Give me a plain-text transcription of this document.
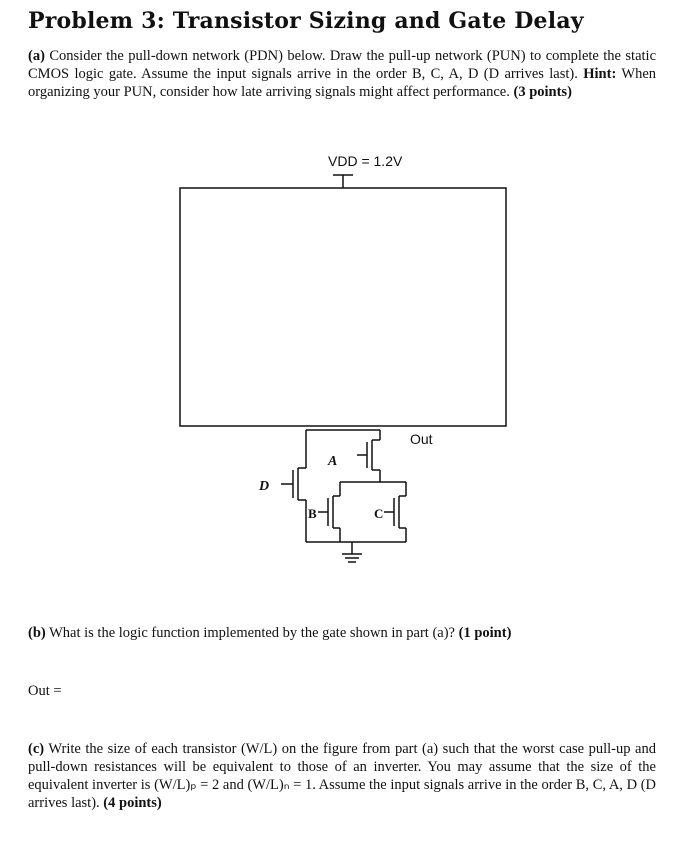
Problem 3: Transistor Sizing and Gate Delay
(a) Consider the pull-down network (PDN) below. Draw the pull-up network (PUN) to complete the static CMOS logic gate. Assume the input signals arrive in the order B, C, A, D (D arrives last). Hint: When organizing your PUN, consider how late arriving signals might affect performance. (3 points)
VDD = 1.2V
Out
A
D
B	C
(b) What is the logic function implemented by the gate shown in part (a)? (1 point)
Out =
(c) Write the size of each transistor (W/L) on the figure from part (a) such that the worst case pull-up and pull-down resistances will be equivalent to those of an inverter. You may assume that the size of the equivalent inverter is (W/L)ₚ = 2 and (W/L)ₙ = 1. Assume the input signals arrive in the order B, C, A, D (D arrives last). (4 points)
